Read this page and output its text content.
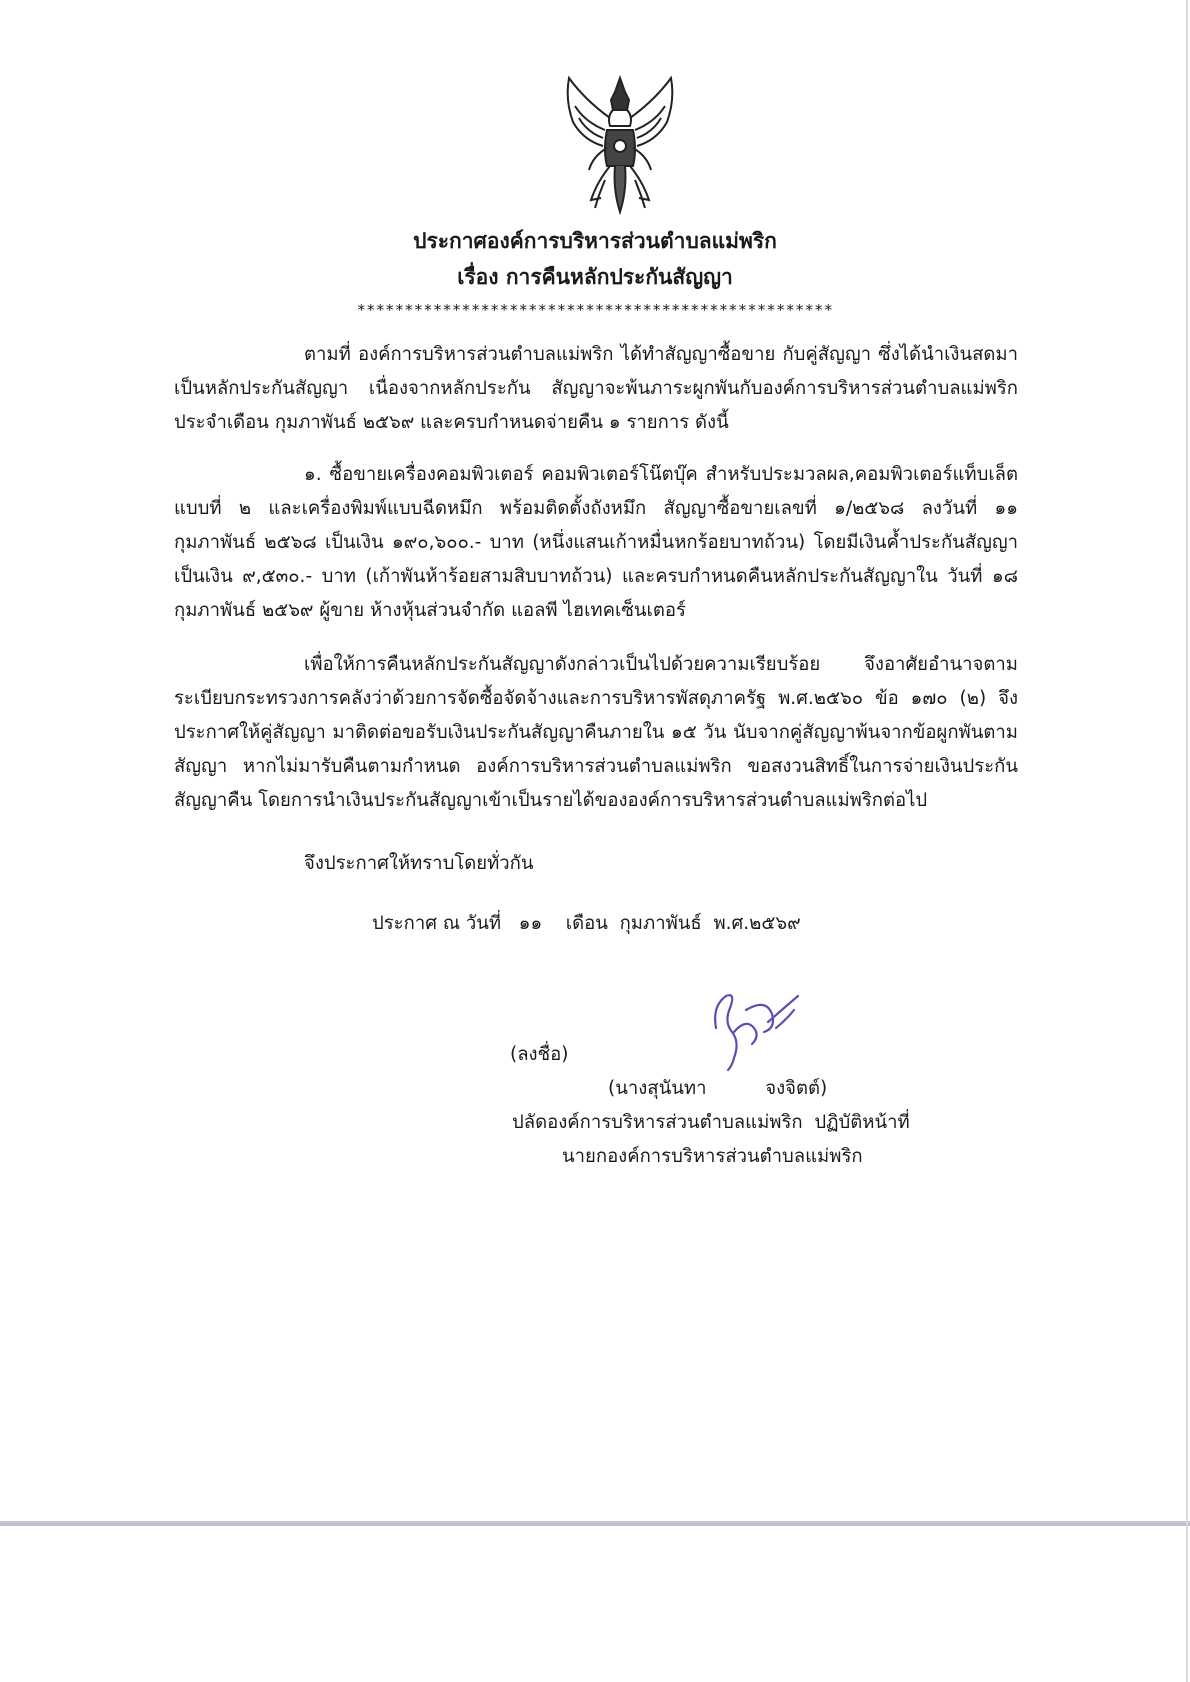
ประกาศองค์การบริหารส่วนตำบลแม่พริก
เรื่อง การคืนหลักประกันสัญญา
**************************************************

ตามที่ องค์การบริหารส่วนตำบลแม่พริก ได้ทำสัญญาซื้อขาย กับคู่สัญญา ซึ่งได้นำเงินสดมาเป็นหลักประกันสัญญา เนื่องจากหลักประกัน สัญญาจะพ้นภาระผูกพันกับองค์การบริหารส่วนตำบลแม่พริก ประจำเดือน กุมภาพันธ์ ๒๕๖๙ และครบกำหนดจ่ายคืน ๑ รายการ ดังนี้

๑. ซื้อขายเครื่องคอมพิวเตอร์ คอมพิวเตอร์โน๊ตบุ๊ค สำหรับประมวลผล,คอมพิวเตอร์แท็บเล็ต แบบที่ ๒ และเครื่องพิมพ์แบบฉีดหมึก พร้อมติดตั้งถังหมึก สัญญาซื้อขายเลขที่ ๑/๒๕๖๘ ลงวันที่ ๑๑ กุมภาพันธ์ ๒๕๖๘ เป็นเงิน ๑๙๐,๖๐๐.- บาท (หนึ่งแสนเก้าหมื่นหกร้อยบาทถ้วน) โดยมีเงินค้ำประกันสัญญา เป็นเงิน ๙,๕๓๐.- บาท (เก้าพันห้าร้อยสามสิบบาทถ้วน) และครบกำหนดคืนหลักประกันสัญญาใน วันที่ ๑๘ กุมภาพันธ์ ๒๕๖๙ ผู้ขาย ห้างหุ้นส่วนจำกัด แอลพี ไฮเทคเซ็นเตอร์

เพื่อให้การคืนหลักประกันสัญญาดังกล่าวเป็นไปด้วยความเรียบร้อย จึงอาศัยอำนาจตาม ระเบียบกระทรวงการคลังว่าด้วยการจัดซื้อจัดจ้างและการบริหารพัสดุภาครัฐ พ.ศ.๒๕๖๐ ข้อ ๑๗๐ (๒) จึงประกาศให้คู่สัญญา มาติดต่อขอรับเงินประกันสัญญาคืนภายใน ๑๕ วัน นับจากคู่สัญญาพ้นจากข้อผูกพันตาม สัญญา หากไม่มารับคืนตามกำหนด องค์การบริหารส่วนตำบลแม่พริก ขอสงวนสิทธิ์ในการจ่ายเงินประกัน สัญญาคืน โดยการนำเงินประกันสัญญาเข้าเป็นรายได้ขององค์การบริหารส่วนตำบลแม่พริกต่อไป

จึงประกาศให้ทราบโดยทั่วกัน

ประกาศ ณ วันที่   ๑๑    เดือน  กุมภาพันธ์  พ.ศ.๒๕๖๙
(ลงชื่อ)
(นางสุนันทา          จงจิตต์)
ปลัดองค์การบริหารส่วนตำบลแม่พริก  ปฏิบัติหน้าที่
นายกองค์การบริหารส่วนตำบลแม่พริก
